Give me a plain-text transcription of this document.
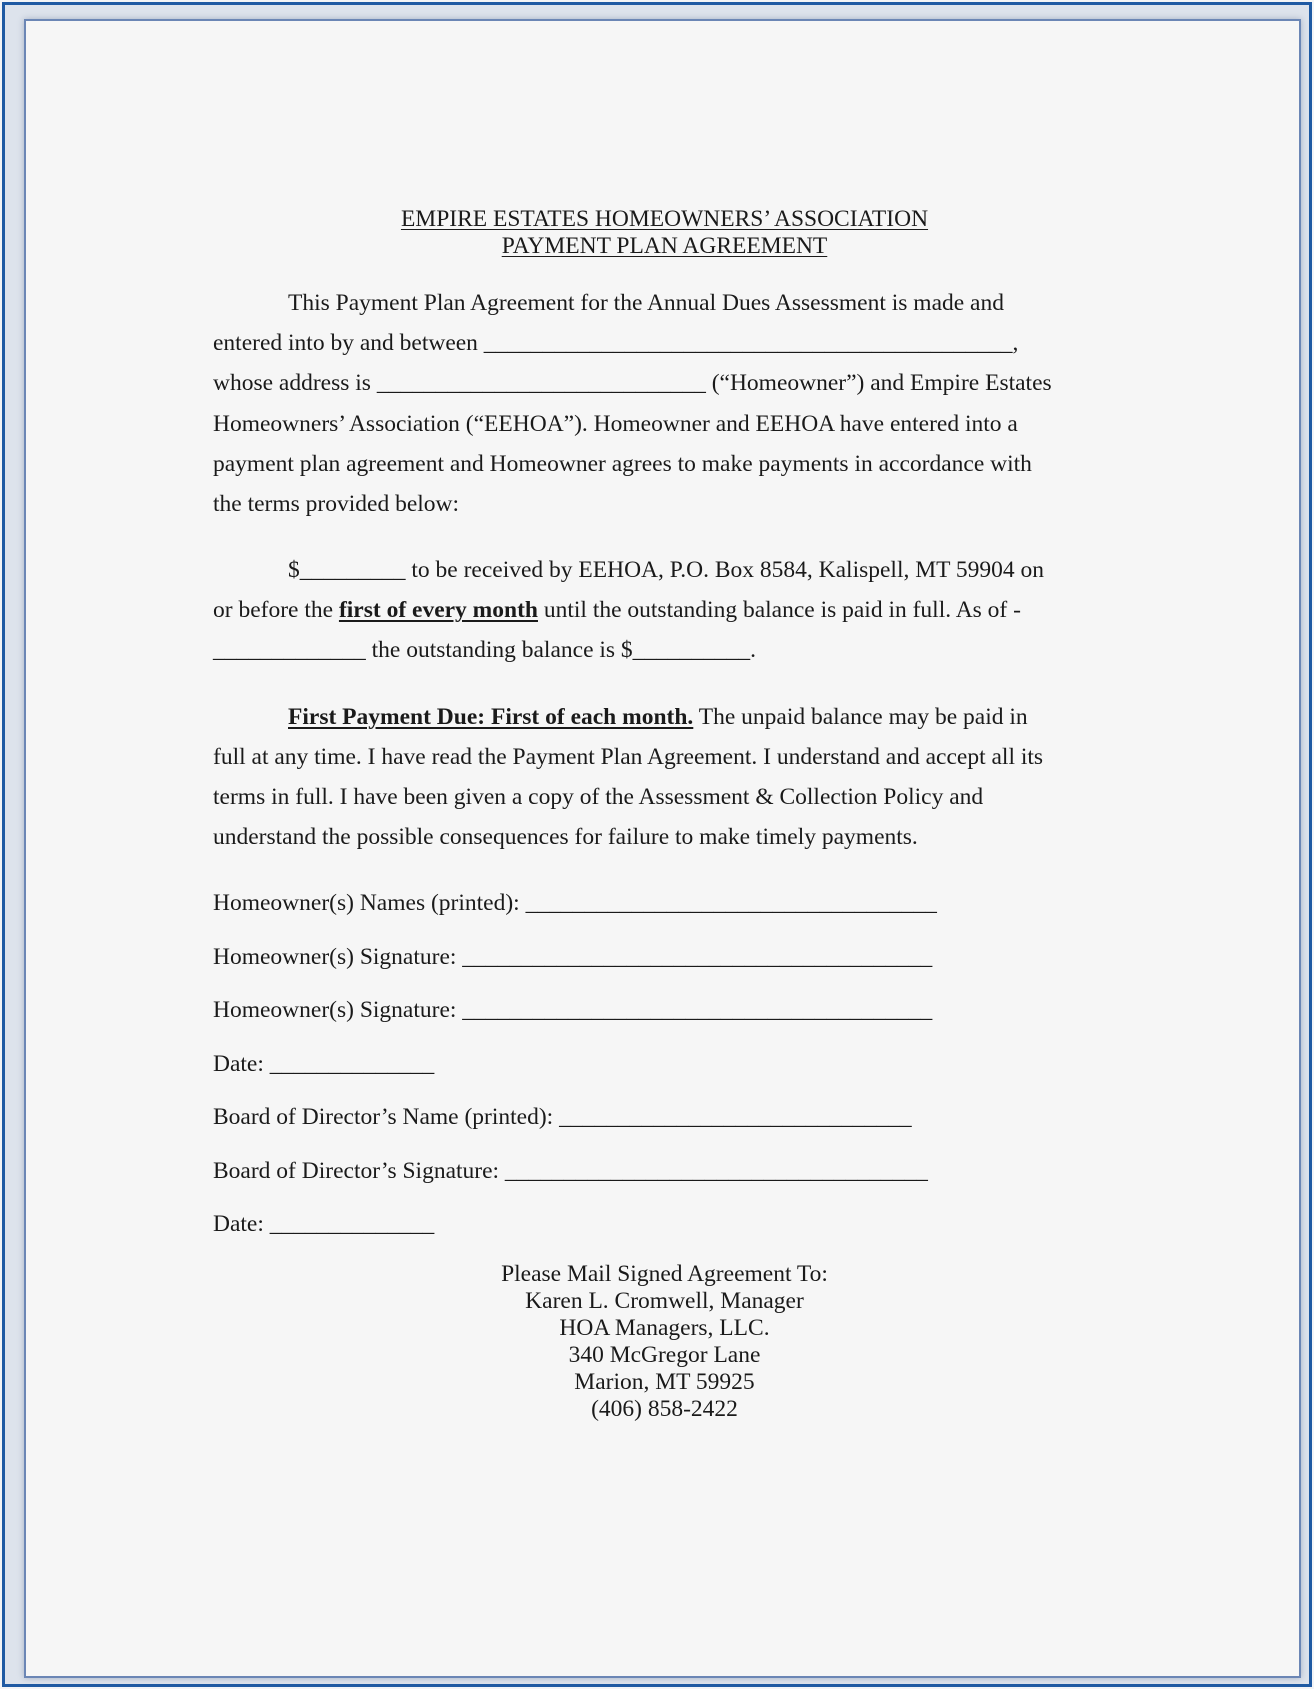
EMPIRE ESTATES HOMEOWNERS’ ASSOCIATION
PAYMENT PLAN AGREEMENT
This Payment Plan Agreement for the Annual Dues Assessment is made and
entered into by and between _____________________________________________,
whose address is ____________________________ (“Homeowner”) and Empire Estates
Homeowners’ Association (“EEHOA”). Homeowner and EEHOA have entered into a
payment plan agreement and Homeowner agrees to make payments in accordance with
the terms provided below:
$_________ to be received by EEHOA, P.O. Box 8584, Kalispell, MT 59904 on
or before the first of every month until the outstanding balance is paid in full. As of -
_____________ the outstanding balance is $__________.
First Payment Due: First of each month. The unpaid balance may be paid in
full at any time. I have read the Payment Plan Agreement. I understand and accept all its
terms in full. I have been given a copy of the Assessment & Collection Policy and
understand the possible consequences for failure to make timely payments.
Homeowner(s) Names (printed): ___________________________________
Homeowner(s) Signature: ________________________________________
Homeowner(s) Signature: ________________________________________
Date: ______________
Board of Director’s Name (printed): ______________________________
Board of Director’s Signature: ____________________________________
Date: ______________
Please Mail Signed Agreement To:
Karen L. Cromwell, Manager
HOA Managers, LLC.
340 McGregor Lane
Marion, MT 59925
(406) 858-2422
